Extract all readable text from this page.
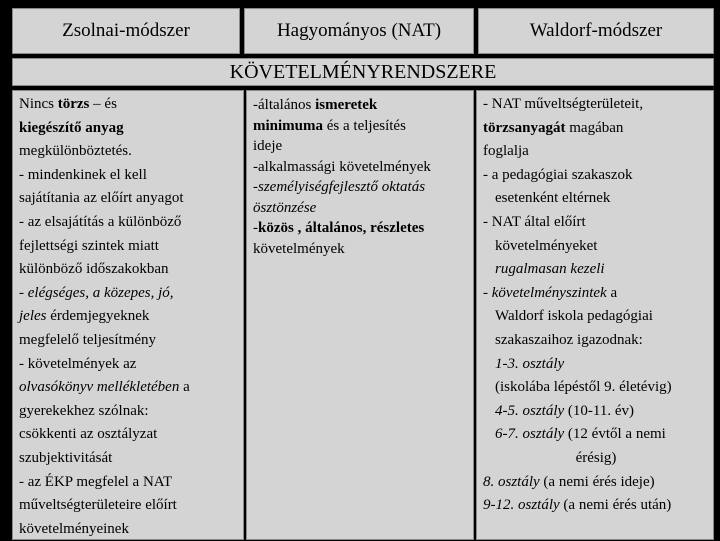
Zsolnai-módszer	Hagyományos (NAT)	Waldorf-módszer
KÖVETELMÉNYRENDSZERE
Nincs törzs – és
kiegészítő anyag
megkülönböztetés.
- mindenkinek el kell
sajátítania az előírt anyagot
- az elsajátítás a különböző
fejlettségi szintek miatt
különböző időszakokban
- elégséges, a közepes, jó,
jeles érdemjegyeknek
megfelelő teljesítmény
- követelmények az
olvasókönyv mellékletében a
gyerekekhez szólnak:
csökkenti az osztályzat
szubjektivitását
- az ÉKP megfelel a NAT
műveltségterületeire előírt
követelményeinek
-általános ismeretek
minimuma és a teljesítés
ideje
-alkalmassági követelmények
-személyiségfejlesztő oktatás
ösztönzése
-közös , általános, részletes
követelmények
- NAT műveltségterületeit,
törzsanyagát magában
foglalja
- a pedagógiai szakaszok
esetenként eltérnek
- NAT által előírt
követelményeket
rugalmasan kezeli
- követelményszintek a
Waldorf iskola pedagógiai
szakaszaihoz igazodnak:
1-3. osztály
(iskolába lépéstől 9. életévig)
4-5. osztály (10-11. év)
6-7. osztály (12 évtől a nemi
érésig)
8. osztály (a nemi érés ideje)
9-12. osztály (a nemi érés után)
